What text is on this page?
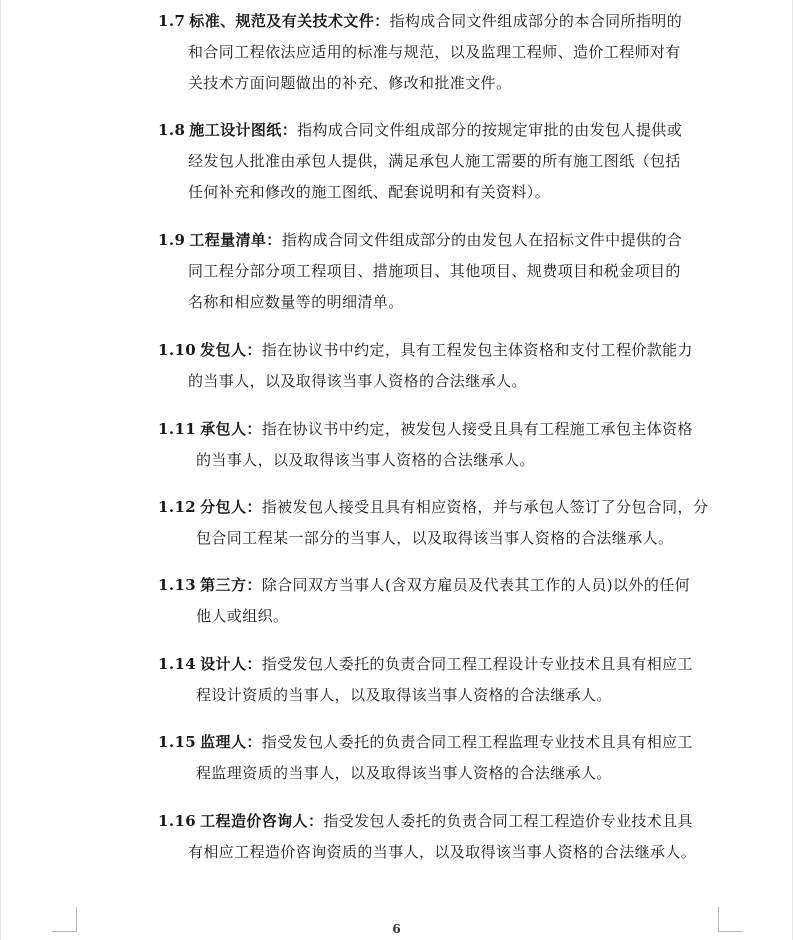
1.7 标准、规范及有关技术文件：指构成合同文件组成部分的本合同所指明的
和合同工程依法应适用的标准与规范，以及监理工程师、造价工程师对有
关技术方面问题做出的补充、修改和批准文件。
1.8 施工设计图纸：指构成合同文件组成部分的按规定审批的由发包人提供或
经发包人批准由承包人提供，满足承包人施工需要的所有施工图纸（包括
任何补充和修改的施工图纸、配套说明和有关资料）。
1.9 工程量清单：指构成合同文件组成部分的由发包人在招标文件中提供的合
同工程分部分项工程项目、措施项目、其他项目、规费项目和税金项目的
名称和相应数量等的明细清单。
1.10 发包人：指在协议书中约定，具有工程发包主体资格和支付工程价款能力
的当事人，以及取得该当事人资格的合法继承人。
1.11 承包人：指在协议书中约定，被发包人接受且具有工程施工承包主体资格
的当事人，以及取得该当事人资格的合法继承人。
1.12 分包人：指被发包人接受且具有相应资格，并与承包人签订了分包合同，分
包合同工程某一部分的当事人，以及取得该当事人资格的合法继承人。
1.13 第三方：除合同双方当事人(含双方雇员及代表其工作的人员)以外的任何
他人或组织。
1.14 设计人：指受发包人委托的负责合同工程工程设计专业技术且具有相应工
程设计资质的当事人，以及取得该当事人资格的合法继承人。
1.15 监理人：指受发包人委托的负责合同工程工程监理专业技术且具有相应工
程监理资质的当事人，以及取得该当事人资格的合法继承人。
1.16 工程造价咨询人：指受发包人委托的负责合同工程工程造价专业技术且具
有相应工程造价咨询资质的当事人，以及取得该当事人资格的合法继承人。
6
